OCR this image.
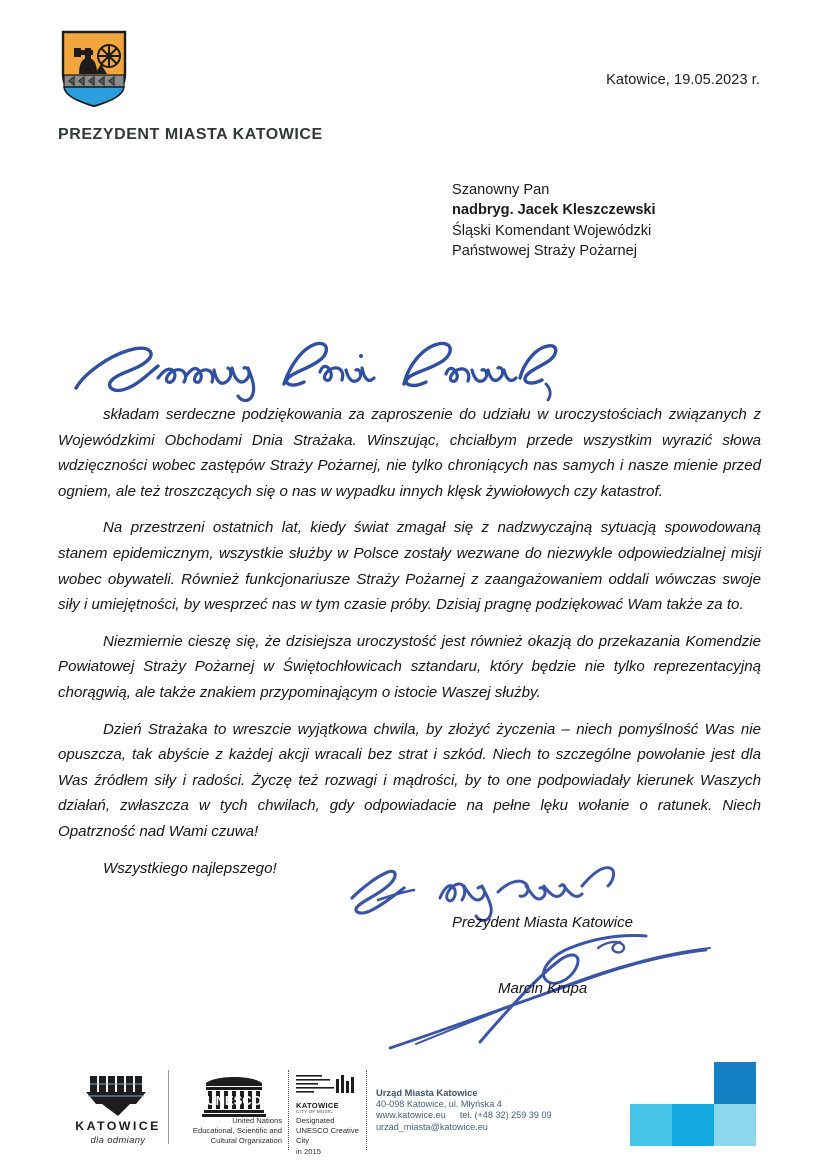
Katowice, 19.05.2023 r.
PREZYDENT MIASTA KATOWICE
Szanowny Pan
nadbryg. Jacek Kleszczewski
Śląski Komendant Wojewódzki
Państwowej Straży Pożarnej

składam serdeczne podziękowania za zaproszenie do udziału w uroczystościach związanych z Wojewódzkimi Obchodami Dnia Strażaka. Winszując, chciałbym przede wszystkim wyrazić słowa wdzięczności wobec zastępów Straży Pożarnej, nie tylko chroniących nas samych i nasze mienie przed ogniem, ale też troszczących się o nas w wypadku innych klęsk żywiołowych czy katastrof.

Na przestrzeni ostatnich lat, kiedy świat zmagał się z nadzwyczajną sytuacją spowodowaną stanem epidemicznym, wszystkie służby w Polsce zostały wezwane do niezwykle odpowiedzialnej misji wobec obywateli. Również funkcjonariusze Straży Pożarnej z zaangażowaniem oddali wówczas swoje siły i umiejętności, by wesprzeć nas w tym czasie próby. Dzisiaj pragnę podziękować Wam także za to.

Niezmiernie cieszę się, że dzisiejsza uroczystość jest również okazją do przekazania Komendzie Powiatowej Straży Pożarnej w Świętochłowicach sztandaru, który będzie nie tylko reprezentacyjną chorągwią, ale także znakiem przypominającym o istocie Waszej służby.

Dzień Strażaka to wreszcie wyjątkowa chwila, by złożyć życzenia – niech pomyślność Was nie opuszcza, tak abyście z każdej akcji wracali bez strat i szkód. Niech to szczególne powołanie jest dla Was źródłem siły i radości. Życzę też rozwagi i mądrości, by to one podpowiadały kierunek Waszych działań, zwłaszcza w tych chwilach, gdy odpowiadacie na pełne lęku wołanie o ratunek. Niech Opatrzność nad Wami czuwa!

Wszystkiego najlepszego!

Prezydent Miasta Katowice
Marcin Krupa
KATOWICE
dla odmiany
UNESCO
United Nations
Educational, Scientific and
Cultural Organization
KATOWICE
CITY OF MUSIC
Designated
UNESCO Creative City
in 2015
Urząd Miasta Katowice
40-098 Katowice, ul. Młyńska 4
www.katowice.eu tel. (+48 32) 259 39 09
urzad_miasta@katowice.eu
